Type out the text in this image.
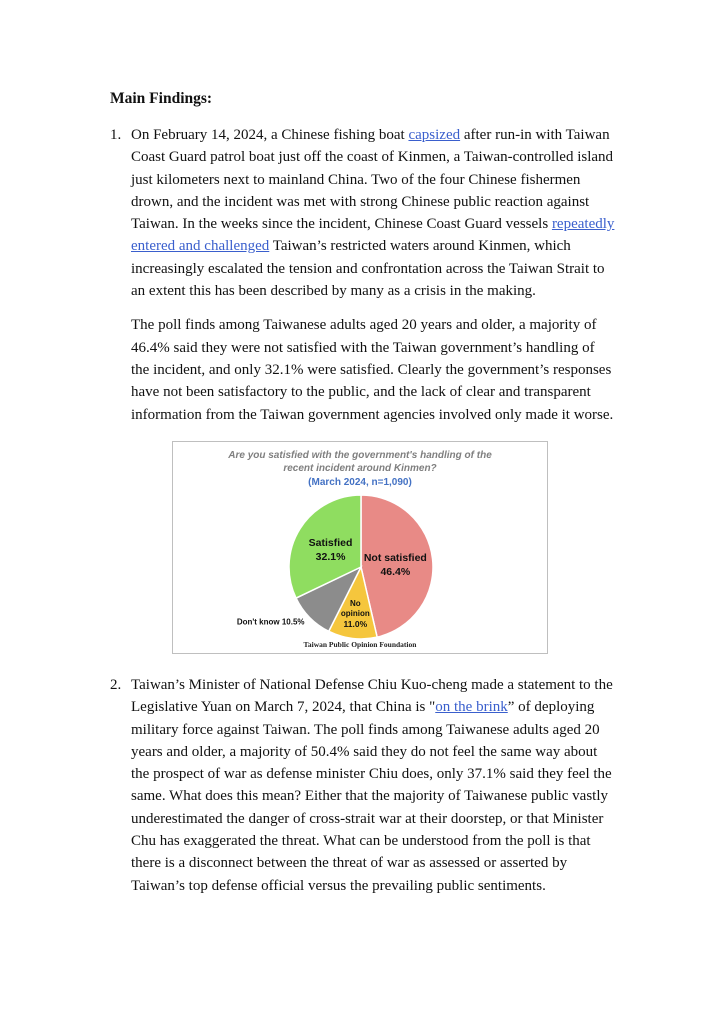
Main Findings:
1. On February 14, 2024, a Chinese fishing boat capsized after run-in with Taiwan Coast Guard patrol boat just off the coast of Kinmen, a Taiwan-controlled island just kilometers next to mainland China. Two of the four Chinese fishermen drown, and the incident was met with strong Chinese public reaction against Taiwan. In the weeks since the incident, Chinese Coast Guard vessels repeatedly entered and challenged Taiwan’s restricted waters around Kinmen, which increasingly escalated the tension and confrontation across the Taiwan Strait to an extent this has been described by many as a crisis in the making.

The poll finds among Taiwanese adults aged 20 years and older, a majority of 46.4% said they were not satisfied with the Taiwan government’s handling of the incident, and only 32.1% were satisfied. Clearly the government’s responses have not been satisfactory to the public, and the lack of clear and transparent information from the Taiwan government agencies involved only made it worse.

Are you satisfied with the government's handling of the
recent incident around Kinmen?
(March 2024, n=1,090)
Not satisfied
46.4%
No
opinion
11.0%
Don't know 10.5%
Satisfied
32.1%
Taiwan Public Opinion Foundation
2. Taiwan’s Minister of National Defense Chiu Kuo-cheng made a statement to the Legislative Yuan on March 7, 2024, that China is "on the brink” of deploying military force against Taiwan. The poll finds among Taiwanese adults aged 20 years and older, a majority of 50.4% said they do not feel the same way about the prospect of war as defense minister Chiu does, only 37.1% said they feel the same. What does this mean? Either that the majority of Taiwanese public vastly underestimated the danger of cross-strait war at their doorstep, or that Minister Chu has exaggerated the threat. What can be understood from the poll is that there is a disconnect between the threat of war as assessed or asserted by Taiwan’s top defense official versus the prevailing public sentiments.
